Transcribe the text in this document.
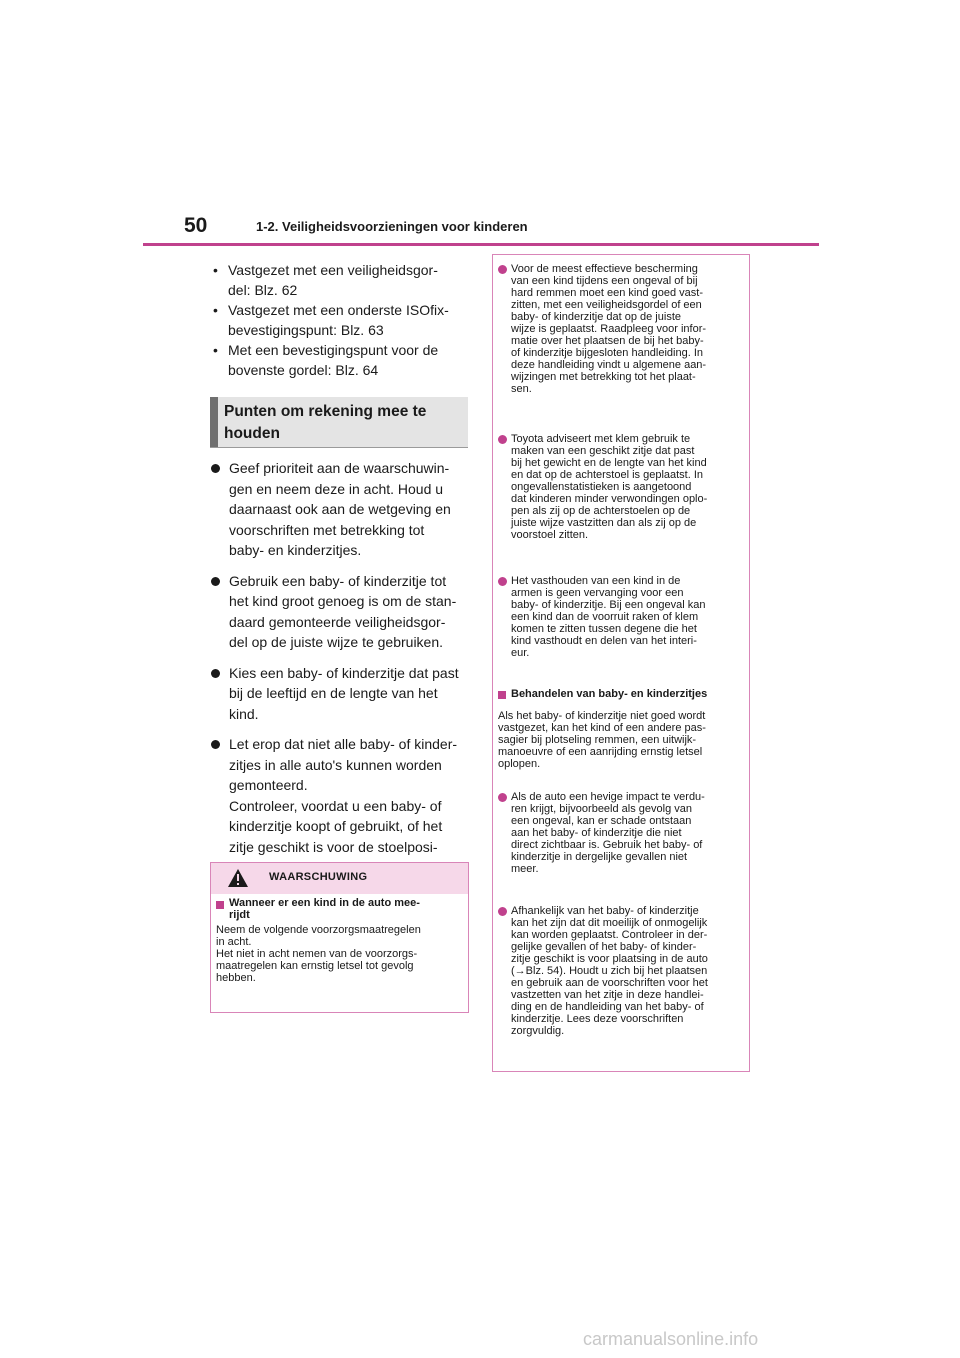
50	1-2. Veiligheidsvoorzieningen voor kinderen
• Vastgezet met een veiligheidsgor-
del: Blz. 62
• Vastgezet met een onderste ISOfix-
bevestigingspunt: Blz. 63
• Met een bevestigingspunt voor de
bovenste gordel: Blz. 64
Punten om rekening mee te houden
Geef prioriteit aan de waarschuwin-
gen en neem deze in acht. Houd u
daarnaast ook aan de wetgeving en
voorschriften met betrekking tot
baby- en kinderzitjes.
Gebruik een baby- of kinderzitje tot
het kind groot genoeg is om de stan-
daard gemonteerde veiligheidsgor-
del op de juiste wijze te gebruiken.
Kies een baby- of kinderzitje dat past
bij de leeftijd en de lengte van het
kind.
Let erop dat niet alle baby- of kinder-
zitjes in alle auto's kunnen worden
gemonteerd.
Controleer, voordat u een baby- of
kinderzitje koopt of gebruikt, of het
zitje geschikt is voor de stoelposi-

WAARSCHUWING
Wanneer er een kind in de auto mee-
rijdt
Neem de volgende voorzorgsmaatregelen
in acht.
Het niet in acht nemen van de voorzorgs-
maatregelen kan ernstig letsel tot gevolg
hebben.
Voor de meest effectieve bescherming
van een kind tijdens een ongeval of bij
hard remmen moet een kind goed vast-
zitten, met een veiligheidsgordel of een
baby- of kinderzitje dat op de juiste
wijze is geplaatst. Raadpleeg voor infor-
matie over het plaatsen de bij het baby-
of kinderzitje bijgesloten handleiding. In
deze handleiding vindt u algemene aan-
wijzingen met betrekking tot het plaat-
sen.
Toyota adviseert met klem gebruik te
maken van een geschikt zitje dat past
bij het gewicht en de lengte van het kind
en dat op de achterstoel is geplaatst. In
ongevallenstatistieken is aangetoond
dat kinderen minder verwondingen oplo-
pen als zij op de achterstoelen op de
juiste wijze vastzitten dan als zij op de
voorstoel zitten.
Het vasthouden van een kind in de
armen is geen vervanging voor een
baby- of kinderzitje. Bij een ongeval kan
een kind dan de voorruit raken of klem
komen te zitten tussen degene die het
kind vasthoudt en delen van het interi-
eur.
Behandelen van baby- en kinderzitjes
Als het baby- of kinderzitje niet goed wordt
vastgezet, kan het kind of een andere pas-
sagier bij plotseling remmen, een uitwijk-
manoeuvre of een aanrijding ernstig letsel
oplopen.
Als de auto een hevige impact te verdu-
ren krijgt, bijvoorbeeld als gevolg van
een ongeval, kan er schade ontstaan
aan het baby- of kinderzitje die niet
direct zichtbaar is. Gebruik het baby- of
kinderzitje in dergelijke gevallen niet
meer.
Afhankelijk van het baby- of kinderzitje
kan het zijn dat dit moeilijk of onmogelijk
kan worden geplaatst. Controleer in der-
gelijke gevallen of het baby- of kinder-
zitje geschikt is voor plaatsing in de auto
(→Blz. 54). Houdt u zich bij het plaatsen
en gebruik aan de voorschriften voor het
vastzetten van het zitje in deze handlei-
ding en de handleiding van het baby- of
kinderzitje. Lees deze voorschriften
zorgvuldig.
carmanualsonline.info
